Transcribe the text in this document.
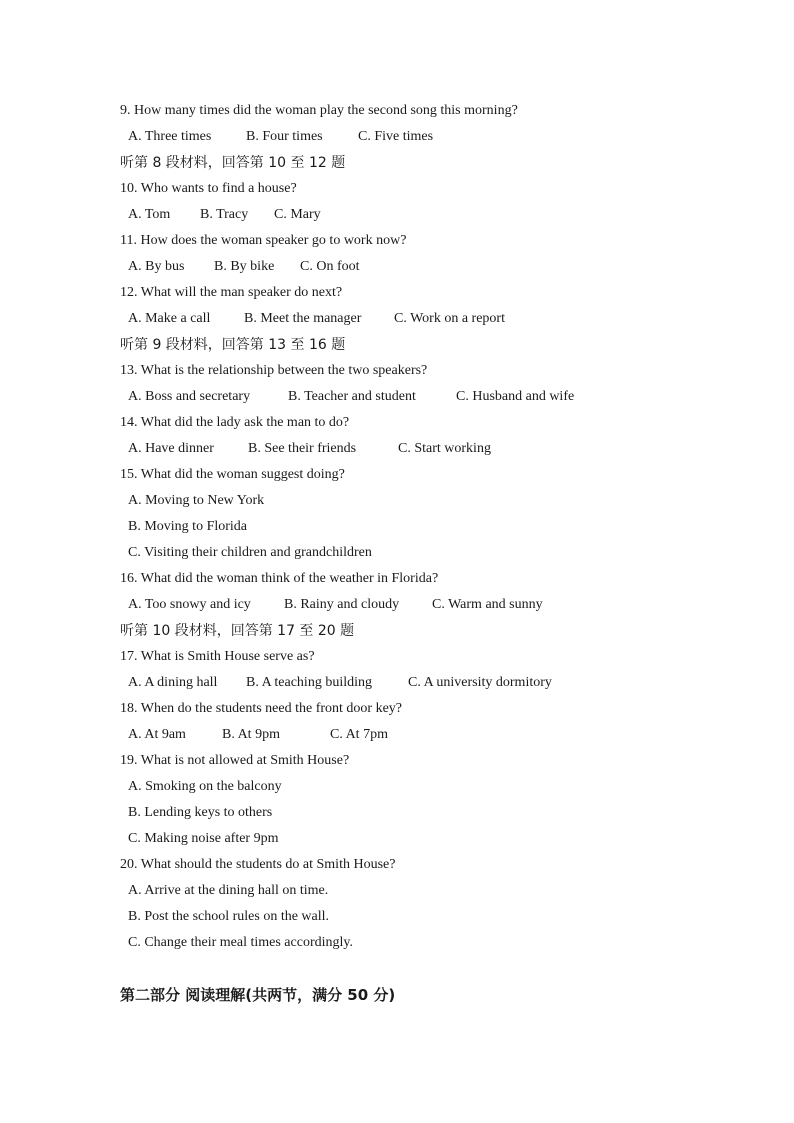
9. How many times did the woman play the second song this morning?
A. Three times B. Four times	C. Five times
听第 8 段材料，回答第 10 至 12 题
10. Who wants to find a house?
A. Tom B. Tracy C. Mary
11. How does the woman speaker go to work now?
A. By bus B. By bike C. On foot
12. What will the man speaker do next?
A. Make a call B. Meet the manager C. Work on a report
听第 9 段材料，回答第 13 至 16 题
13. What is the relationship between the two speakers?
A. Boss and secretary	B. Teacher and student	C. Husband and wife
14. What did the lady ask the man to do?
A. Have dinner B. See their friends	C. Start working
15. What did the woman suggest doing?
A. Moving to New York
B. Moving to Florida
C. Visiting their children and grandchildren
16. What did the woman think of the weather in Florida?
A. Too snowy and icy B. Rainy and cloudy C. Warm and sunny
听第 10 段材料，回答第 17 至 20 题
17. What is Smith House serve as?
A. A dining hall B. A teaching building	C. A university dormitory
18. When do the students need the front door key?
A. At 9am	B. At 9pm	C. At 7pm
19. What is not allowed at Smith House?
A. Smoking on the balcony
B. Lending keys to others
C. Making noise after 9pm
20. What should the students do at Smith House?
A. Arrive at the dining hall on time.
B. Post the school rules on the wall.
C. Change their meal times accordingly.
第二部分 阅读理解(共两节，满分 50 分)
